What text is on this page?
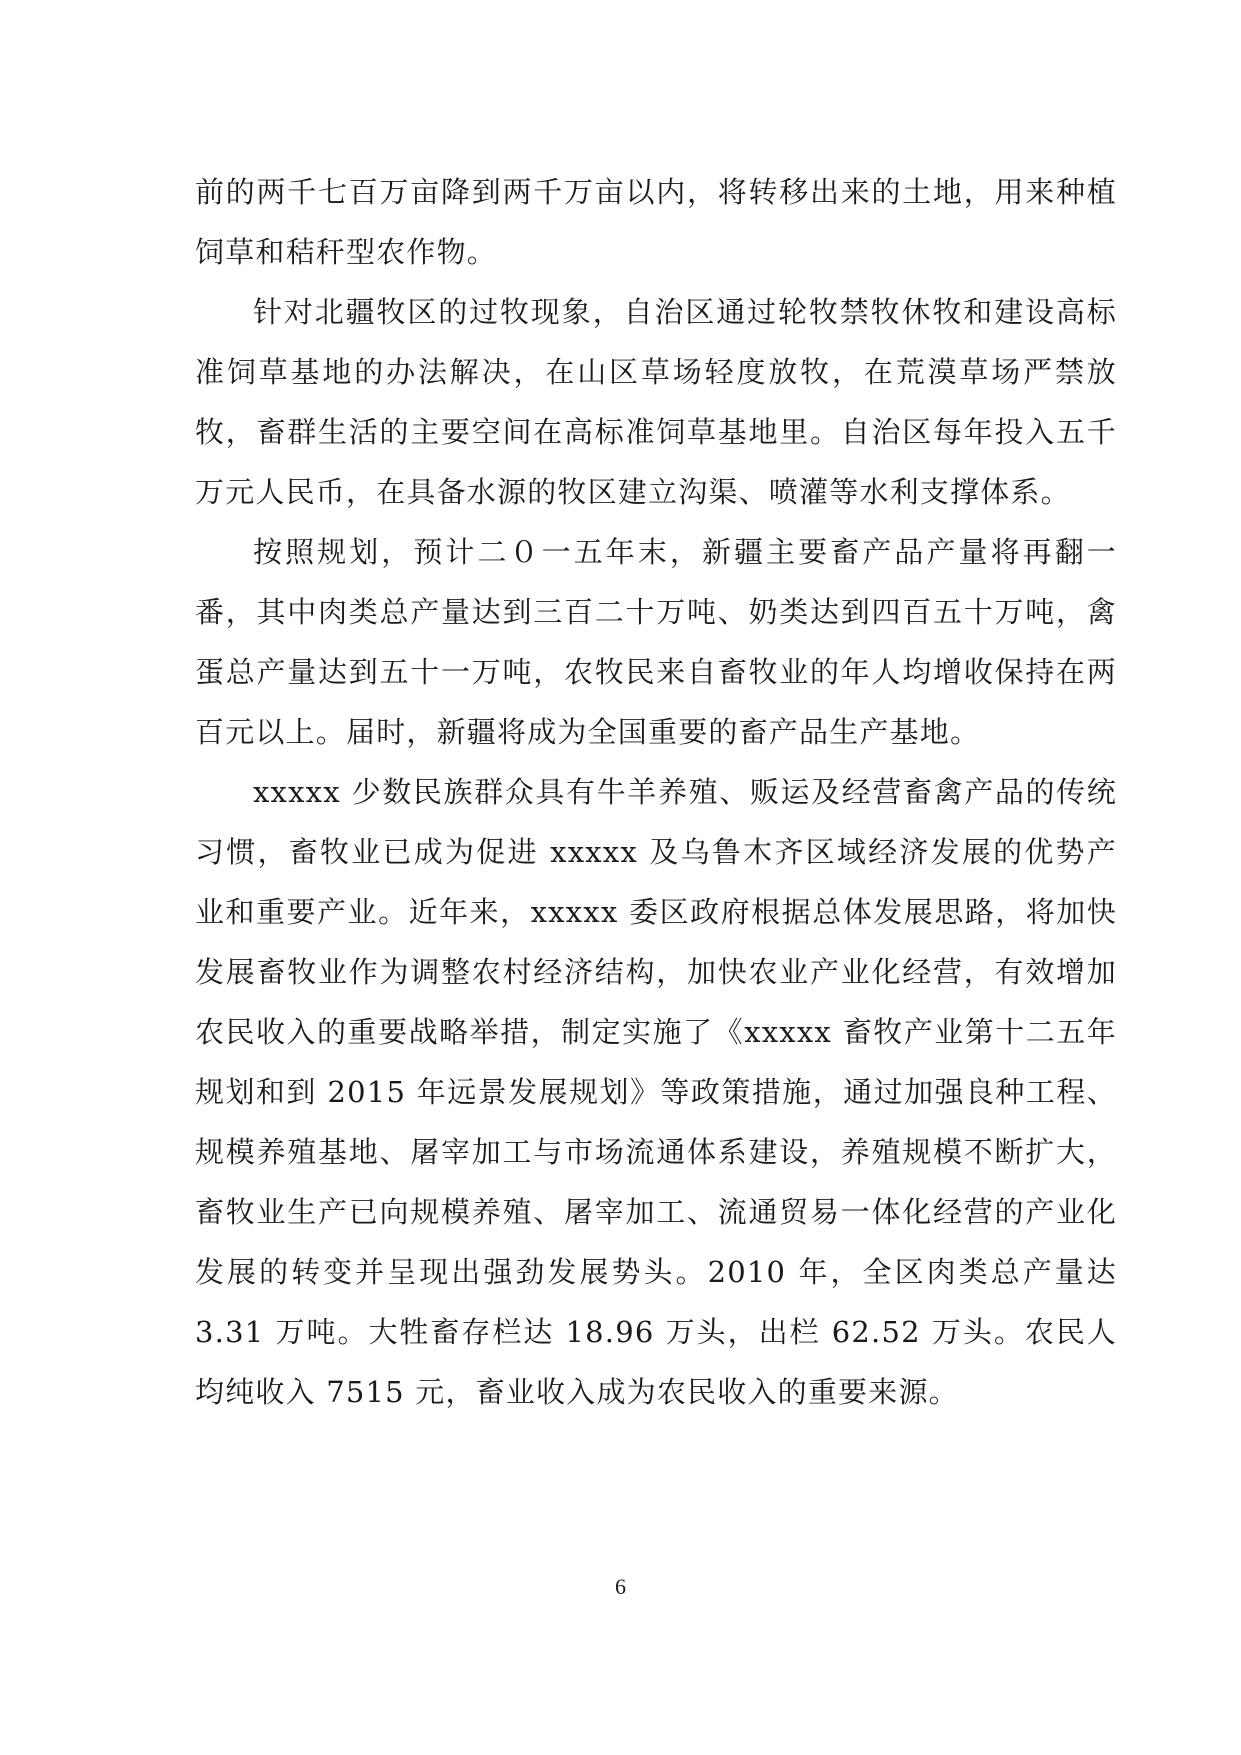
前的两千七百万亩降到两千万亩以内，将转移出来的土地，用来种植饲草和秸秆型农作物。

针对北疆牧区的过牧现象，自治区通过轮牧禁牧休牧和建设高标准饲草基地的办法解决，在山区草场轻度放牧，在荒漠草场严禁放牧，畜群生活的主要空间在高标准饲草基地里。自治区每年投入五千万元人民币，在具备水源的牧区建立沟渠、喷灌等水利支撑体系。

按照规划，预计二０一五年末，新疆主要畜产品产量将再翻一番，其中肉类总产量达到三百二十万吨、奶类达到四百五十万吨，禽蛋总产量达到五十一万吨，农牧民来自畜牧业的年人均增收保持在两百元以上。届时，新疆将成为全国重要的畜产品生产基地。

xxxxx 少数民族群众具有牛羊养殖、贩运及经营畜禽产品的传统习惯，畜牧业已成为促进 xxxxx 及乌鲁木齐区域经济发展的优势产业和重要产业。近年来，xxxxx 委区政府根据总体发展思路，将加快发展畜牧业作为调整农村经济结构，加快农业产业化经营，有效增加农民收入的重要战略举措，制定实施了《xxxxx 畜牧产业第十二五年规划和到 2015 年远景发展规划》等政策措施，通过加强良种工程、规模养殖基地、屠宰加工与市场流通体系建设，养殖规模不断扩大，畜牧业生产已向规模养殖、屠宰加工、流通贸易一体化经营的产业化发展的转变并呈现出强劲发展势头。2010 年，全区肉类总产量达 3.31 万吨。大牲畜存栏达 18.96 万头，出栏 62.52 万头。农民人均纯收入 7515 元，畜业收入成为农民收入的重要来源。

6
